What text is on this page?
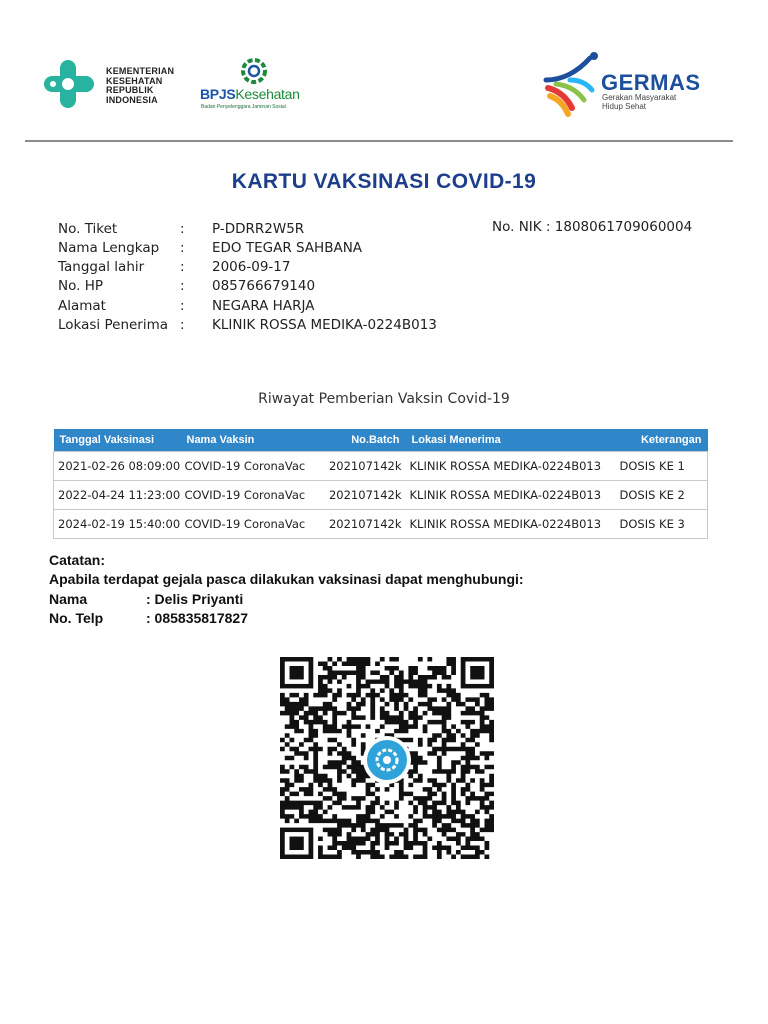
KEMENTERIAN
KESEHATAN
REPUBLIK
INDONESIA	BPJSKesehatan
Badan Penyelenggara Jaminan Sosial
GERMAS
Gerakan Masyarakat
Hidup Sehat
KARTU VAKSINASI COVID-19
No. Tiket	: P-DDRR2W5R
Nama Lengkap : EDO TEGAR SAHBANA
Tanggal lahir	: 2006-09-17
No. HP	: 085766679140
Alamat	: NEGARA HARJA
Lokasi Penerima : KLINIK ROSSA MEDIKA-0224B013
No. NIK : 1808061709060004
Riwayat Pemberian Vaksin Covid-19
Tanggal Vaksinasi	Nama Vaksin	No.Batch	Lokasi Menerima	Keterangan
2021-02-26 08:09:00	COVID-19 CoronaVac	202107142k	KLINIK ROSSA MEDIKA-0224B013	DOSIS KE 1
2022-04-24 11:23:00	COVID-19 CoronaVac	202107142k	KLINIK ROSSA MEDIKA-0224B013	DOSIS KE 2
2024-02-19 15:40:00	COVID-19 CoronaVac	202107142k	KLINIK ROSSA MEDIKA-0224B013	DOSIS KE 3
Catatan:
Apabila terdapat gejala pasca dilakukan vaksinasi dapat menghubungi:
Nama	: Delis Priyanti
No. Telp	: 085835817827
